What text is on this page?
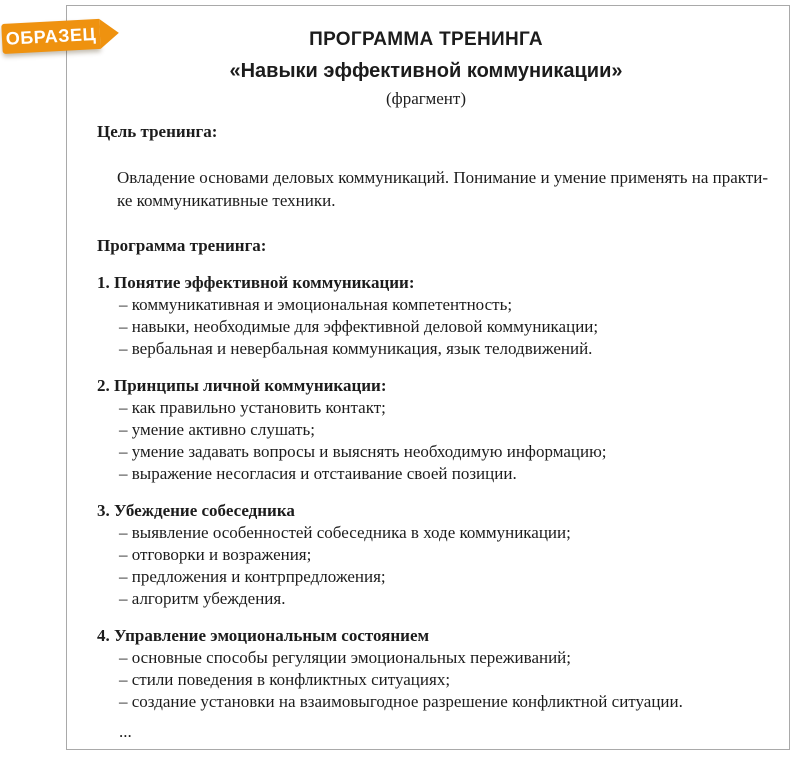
ПРОГРАММА ТРЕНИНГА
«Навыки эффективной коммуникации»
(фрагмент)
Цель тренинга:
Овладение основами деловых коммуникаций. Понимание и умение применять на практи-
ке коммуникативные техники.
Программа тренинга:
1. Понятие эффективной коммуникации:
– коммуникативная и эмоциональная компетентность;
– навыки, необходимые для эффективной деловой коммуникации;
– вербальная и невербальная коммуникация, язык телодвижений.
2. Принципы личной коммуникации:
– как правильно установить контакт;
– умение активно слушать;
– умение задавать вопросы и выяснять необходимую информацию;
– выражение несогласия и отстаивание своей позиции.
3. Убеждение собеседника
– выявление особенностей собеседника в ходе коммуникации;
– отговорки и возражения;
– предложения и контрпредложения;
– алгоритм убеждения.
4. Управление эмоциональным состоянием
– основные способы регуляции эмоциональных переживаний;
– стили поведения в конфликтных ситуациях;
– создание установки на взаимовыгодное разрешение конфликтной ситуации.
...
ОБРАЗЕЦ
